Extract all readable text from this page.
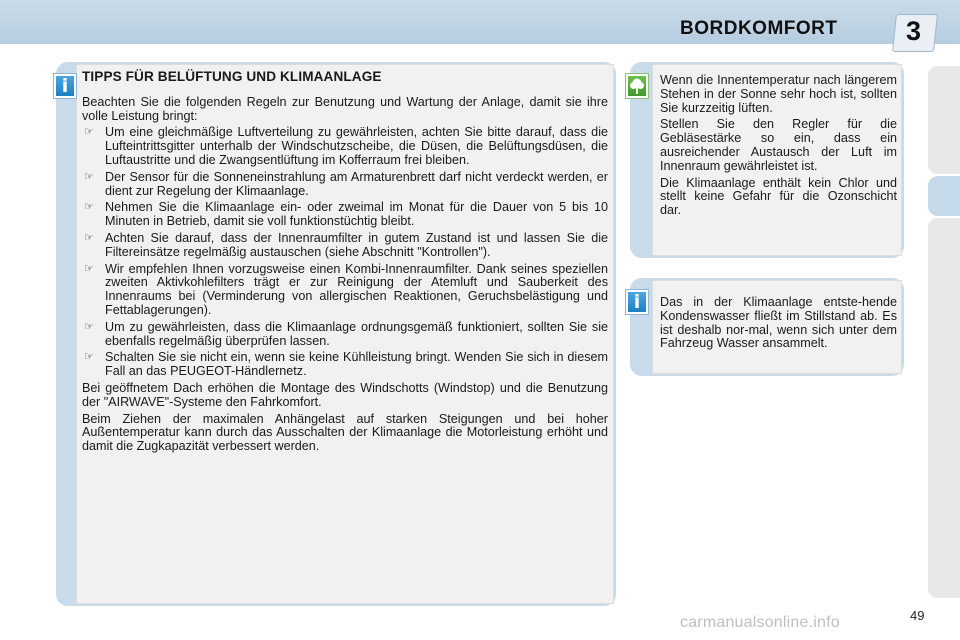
BORDKOMFORT	3
i	TIPPS FÜR BELÜFTUNG UND KLIMAANLAGE

Beachten Sie die folgenden Regeln zur Benutzung und Wartung der Anlage, damit sie ihre volle Leistung bringt:

☞ Um eine gleichmäßige Luftverteilung zu gewährleisten, achten Sie bitte darauf, dass die Lufteintrittsgitter unterhalb der Windschutzscheibe, die Düsen, die Belüftungsdüsen, die Luftaustritte und die Zwangsentlüftung im Kofferraum frei bleiben.
☞ Der Sensor für die Sonneneinstrahlung am Armaturenbrett darf nicht verdeckt werden, er dient zur Regelung der Klimaanlage.
☞ Nehmen Sie die Klimaanlage ein- oder zweimal im Monat für die Dauer von 5 bis 10 Minuten in Betrieb, damit sie voll funktionstüchtig bleibt.
☞ Achten Sie darauf, dass der Innenraumfilter in gutem Zustand ist und lassen Sie die Filtereinsätze regelmäßig austauschen (siehe Abschnitt "Kontrollen").
☞ Wir empfehlen Ihnen vorzugsweise einen Kombi-Innenraumfilter. Dank seines speziellen zweiten Aktivkohlefilters trägt er zur Reinigung der Atemluft und Sauberkeit des Innenraums bei (Verminderung von allergischen Reaktionen, Geruchsbelästigung und Fettablagerungen).
☞ Um zu gewährleisten, dass die Klimaanlage ordnungsgemäß funktioniert, sollten Sie sie ebenfalls regelmäßig überprüfen lassen.
☞ Schalten Sie sie nicht ein, wenn sie keine Kühlleistung bringt. Wenden Sie sich in diesem Fall an das PEUGEOT-Händlernetz.

Bei geöffnetem Dach erhöhen die Montage des Windschotts (Windstop) und die Benutzung der "AIRWAVE"-Systeme den Fahrkomfort.

Beim Ziehen der maximalen Anhängelast auf starken Steigungen und bei hoher Außentemperatur kann durch das Ausschalten der Klimaanlage die Motorleistung erhöht und damit die Zugkapazität verbessert werden.

Wenn die Innentemperatur nach längerem Stehen in der Sonne sehr hoch ist, sollten Sie kurzzeitig lüften.

Stellen Sie den Regler für die Gebläsestärke so ein, dass ein ausreichender Austausch der Luft im Innenraum gewährleistet ist.

Die Klimaanlage enthält kein Chlor und stellt keine Gefahr für die Ozonschicht dar.

i	Das in der Klimaanlage entste-hende Kondenswasser fließt im Stillstand ab. Es ist deshalb nor-mal, wenn sich unter dem Fahrzeug Wasser ansammelt.
49
carmanualsonline.info
